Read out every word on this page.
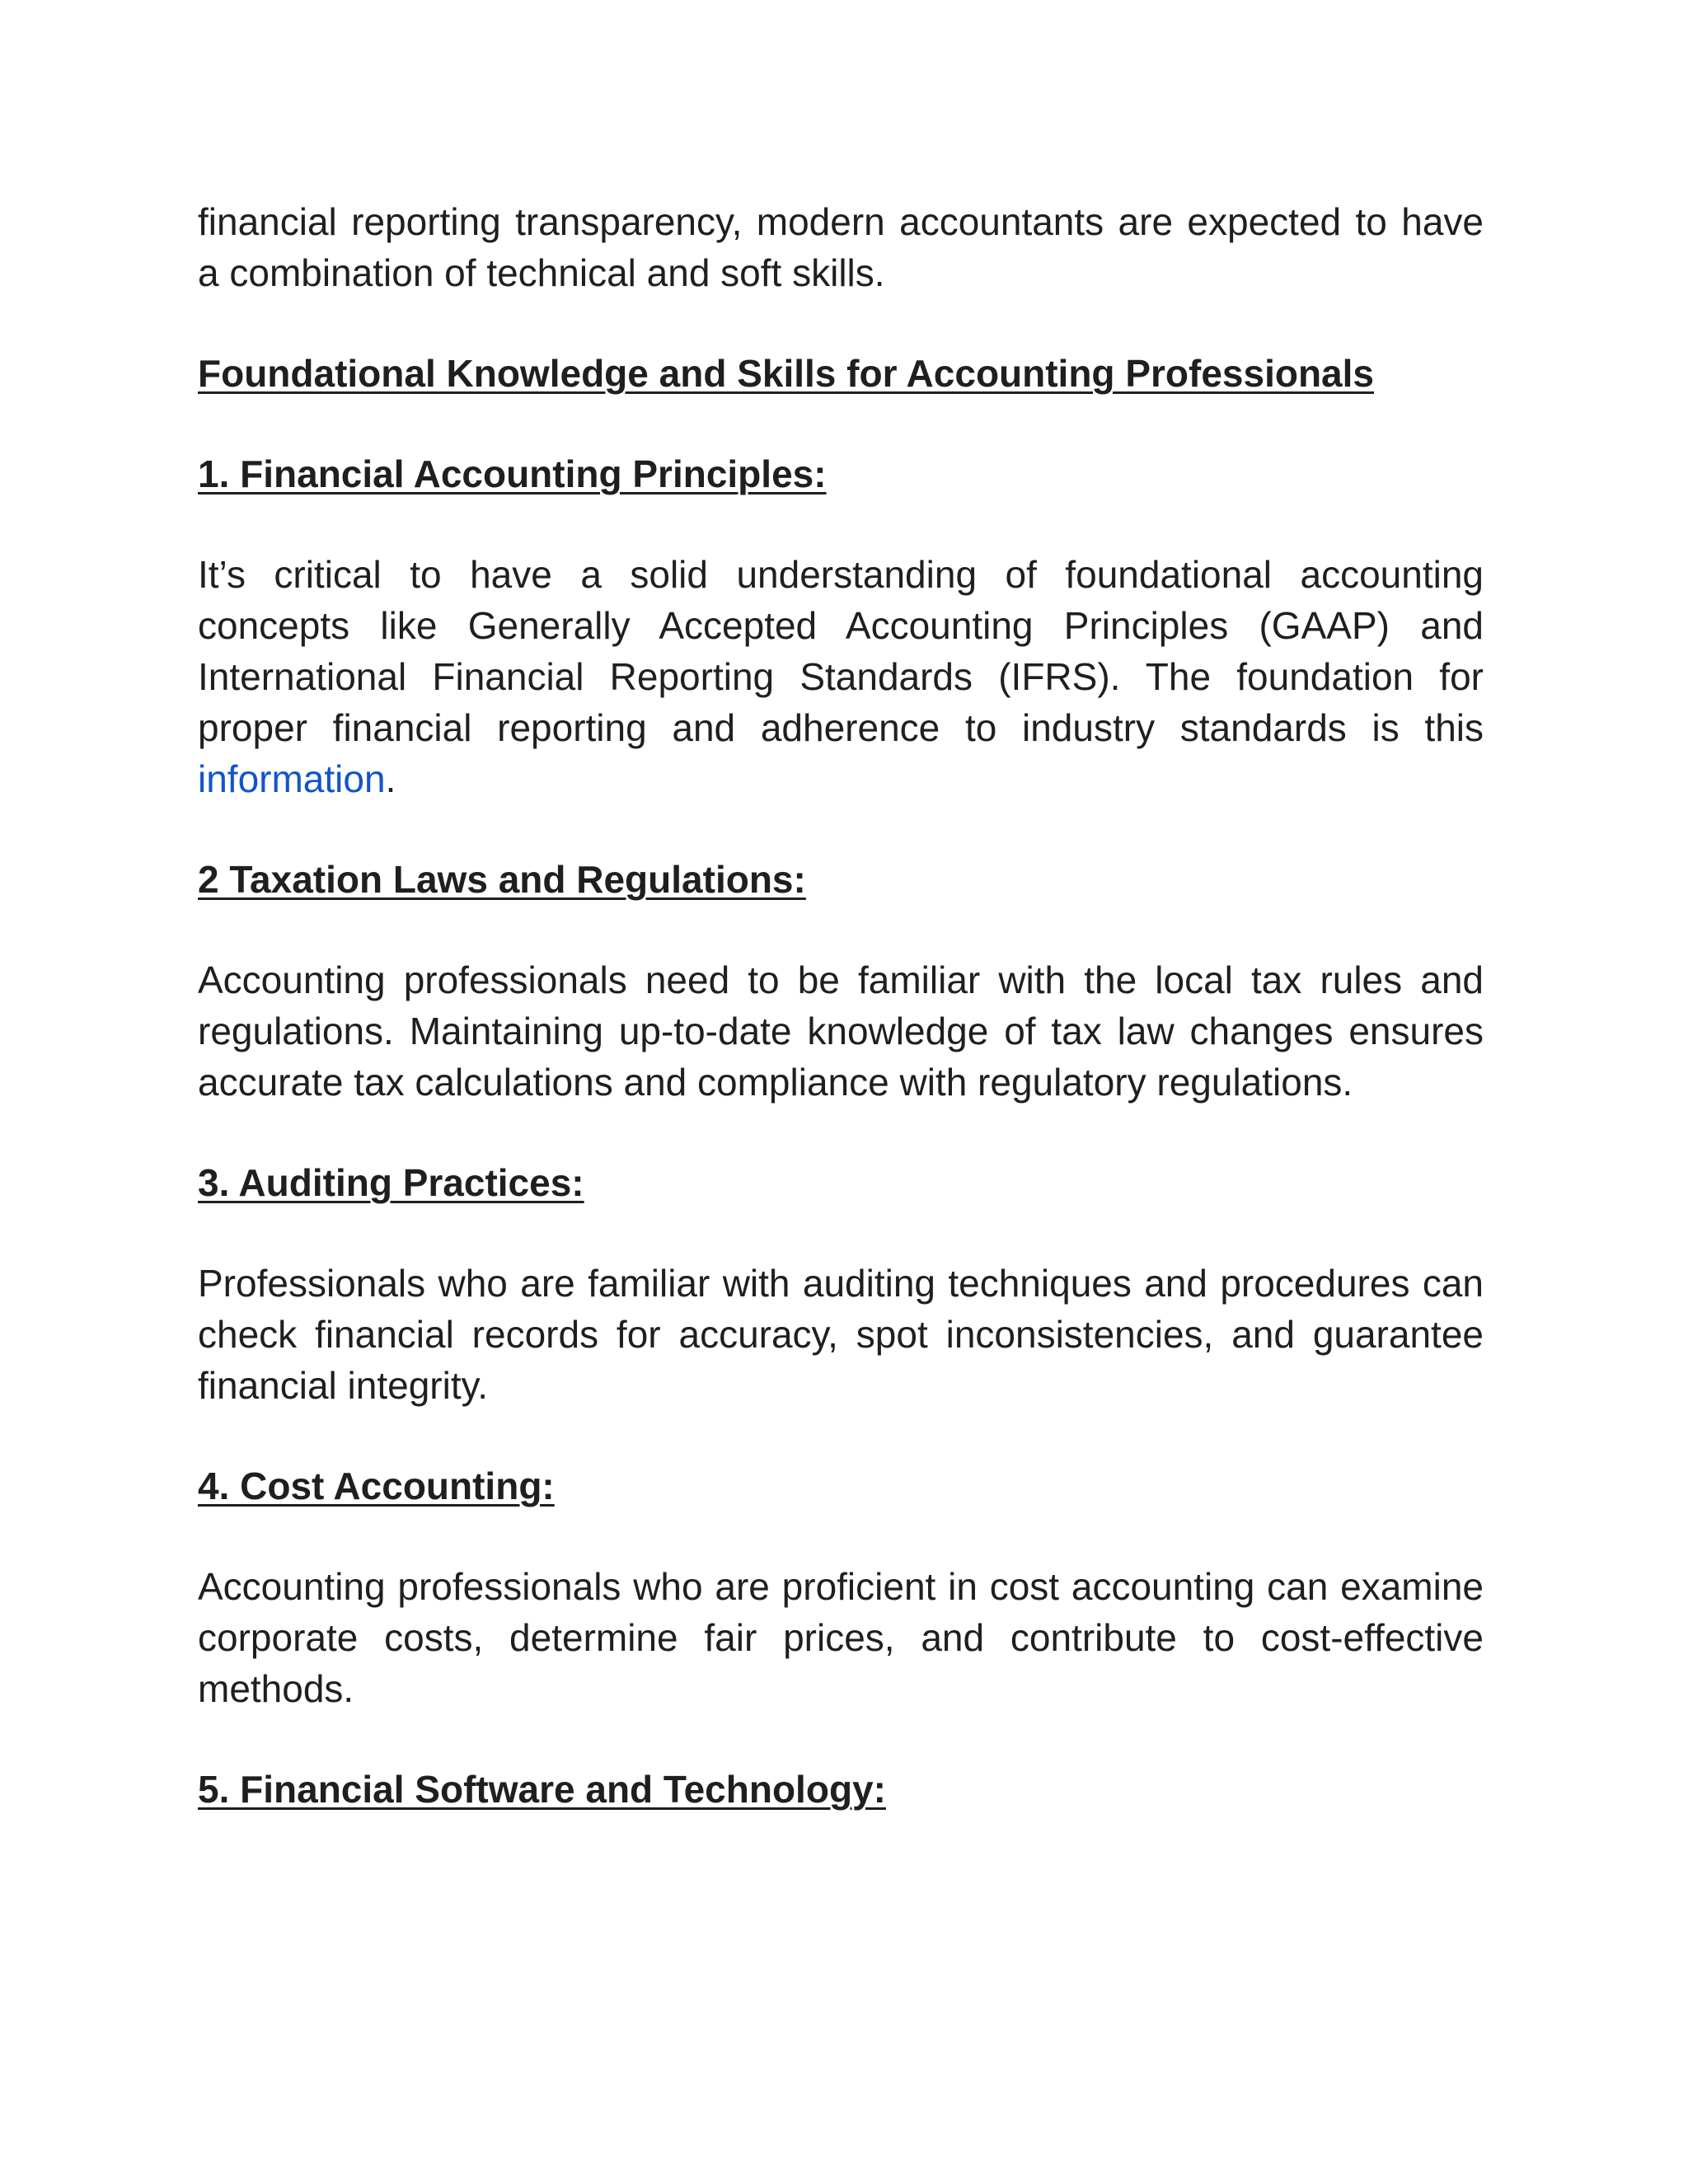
financial reporting transparency, modern accountants are expected to have a combination of technical and soft skills.

Foundational Knowledge and Skills for Accounting Professionals

1. Financial Accounting Principles:

It’s critical to have a solid understanding of foundational accounting concepts like Generally Accepted Accounting Principles (GAAP) and International Financial Reporting Standards (IFRS). The foundation for proper financial reporting and adherence to industry standards is this information.

2 Taxation Laws and Regulations:

Accounting professionals need to be familiar with the local tax rules and regulations. Maintaining up-to-date knowledge of tax law changes ensures accurate tax calculations and compliance with regulatory regulations.

3. Auditing Practices:

Professionals who are familiar with auditing techniques and procedures can check financial records for accuracy, spot inconsistencies, and guarantee financial integrity.

4. Cost Accounting:

Accounting professionals who are proficient in cost accounting can examine corporate costs, determine fair prices, and contribute to cost-effective methods.

5. Financial Software and Technology:
